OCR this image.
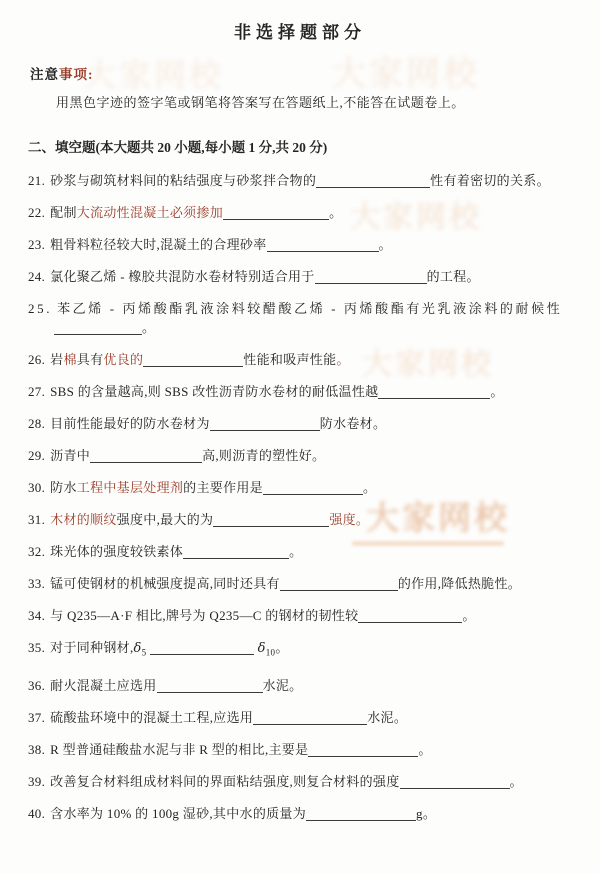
大家网校	大家网校
大家网校
大家网校
大家网校
非选择题部分
注意事项:
用黑色字迹的签字笔或钢笔将答案写在答题纸上,不能答在试题卷上。
二、填空题(本大题共 20 小题,每小题 1 分,共 20 分)
21. 砂浆与砌筑材料间的粘结强度与砂浆拌合物的	性有着密切的关系。
22. 配制大流动性混凝土必须掺加	。
23. 粗骨料粒径较大时,混凝土的合理砂率	。
24. 氯化聚乙烯 - 橡胶共混防水卷材特别适合用于	的工程。
25. 苯乙烯 - 丙烯酸酯乳液涂料较醋酸乙烯 - 丙烯酸酯有光乳液涂料的耐候性
。
26. 岩棉具有优良的	性能和吸声性能。
27. SBS 的含量越高,则 SBS 改性沥青防水卷材的耐低温性越	。
28. 目前性能最好的防水卷材为	防水卷材。
29. 沥青中	高,则沥青的塑性好。
30. 防水工程中基层处理剂的主要作用是	。
31. 木材的顺纹强度中,最大的为	强度。
32. 珠光体的强度较铁素体	。
33. 锰可使钢材的机械强度提高,同时还具有	的作用,降低热脆性。
34. 与 Q235—A·F 相比,牌号为 Q235—C 的钢材的韧性较	。
35. 对于同种钢材$,\delta_5$	$\delta_{10}$。
36. 耐火混凝土应选用	水泥。
37. 硫酸盐环境中的混凝土工程,应选用	水泥。
38. R 型普通硅酸盐水泥与非 R 型的相比,主要是	。
39. 改善复合材料组成材料间的界面粘结强度,则复合材料的强度	。
40. 含水率为 10% 的 100g 湿砂,其中水的质量为	g。
